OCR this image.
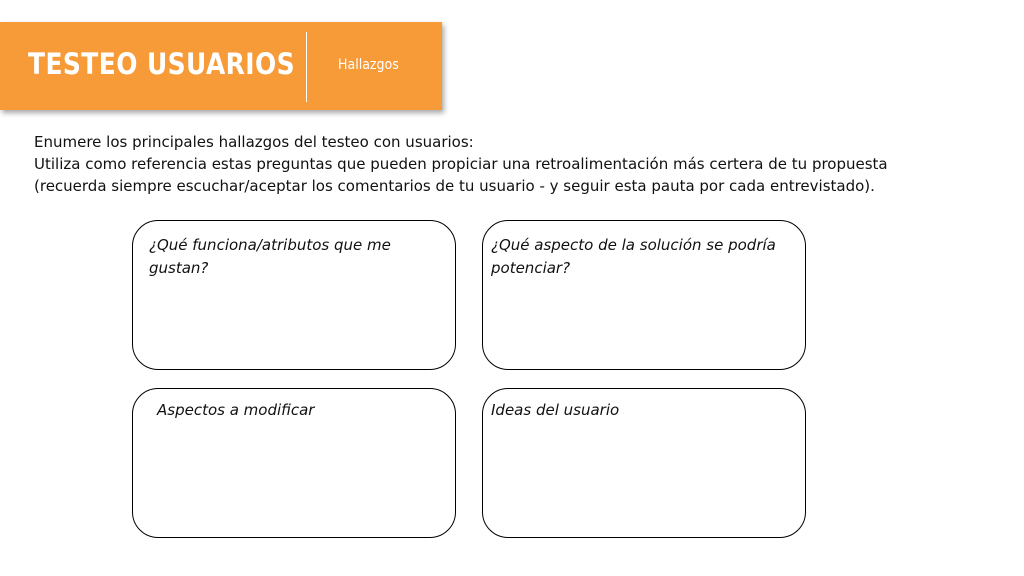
TESTEO USUARIOS	Hallazgos

Enumere los principales hallazgos del testeo con usuarios:

Utiliza como referencia estas preguntas que pueden propiciar una retroalimentación más certera de tu propuesta

(recuerda siempre escuchar/aceptar los comentarios de tu usuario - y seguir esta pauta por cada entrevistado).

¿Qué funciona/atributos que me gustan?
¿Qué aspecto de la solución se podría potenciar?
Aspectos a modificar	Ideas del usuario
